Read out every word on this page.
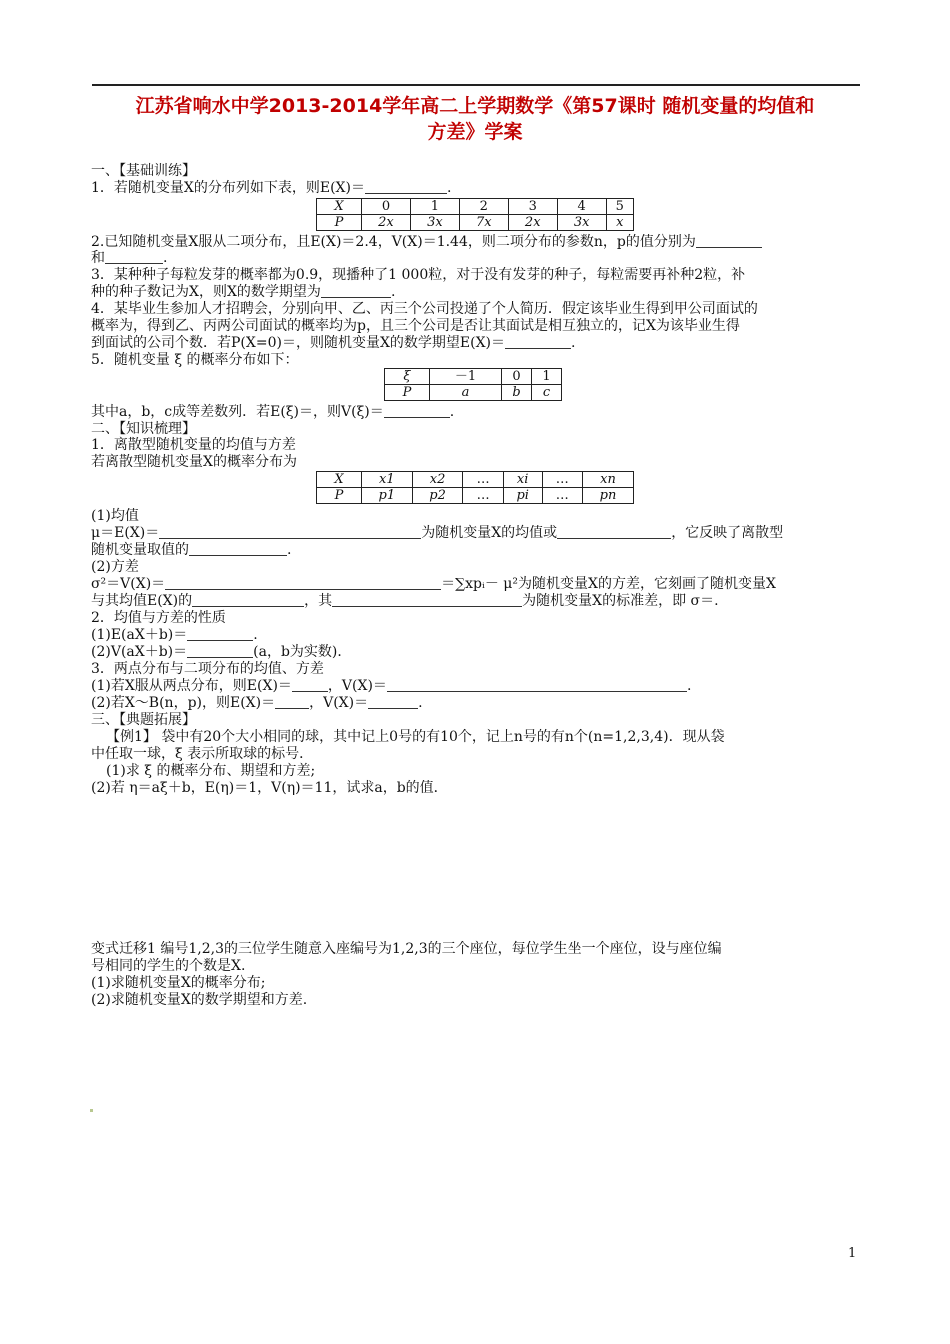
江苏省响水中学2013-2014学年高二上学期数学《第57课时 随机变量的均值和
方差》学案
一、【基础训练】
1．若随机变量X的分布列如下表，则E(X)＝	.
X	0	1	2	3	4	5
P	2x	3x	7x	2x	3x	x
2.已知随机变量X服从二项分布，且E(X)＝2.4，V(X)＝1.44，则二项分布的参数n，p的值分别为
和	.
3．某种种子每粒发芽的概率都为0.9，现播种了1 000粒，对于没有发芽的种子，每粒需要再补种2粒，补
种的种子数记为X，则X的数学期望为	.
4．某毕业生参加人才招聘会，分别向甲、乙、丙三个公司投递了个人简历．假定该毕业生得到甲公司面试的
概率为，得到乙、丙两公司面试的概率均为p，且三个公司是否让其面试是相互独立的，记X为该毕业生得
到面试的公司个数．若P(X=0)＝，则随机变量X的数学期望E(X)＝	.
5．随机变量 ξ 的概率分布如下：
ξ	－1	0	1
P	a	b	c
其中a，b，c成等差数列．若E(ξ)＝，则V(ξ)＝	.
二、【知识梳理】
1．离散型随机变量的均值与方差
若离散型随机变量X的概率分布为
X	x1	x2	…	xi	…	xn
P	p1	p2	…	pi	…	pn
(1)均值
μ＝E(X)＝	为随机变量X的均值或	，它反映了离散型
随机变量取值的	.
(2)方差
σ²＝V(X)＝	＝∑xpᵢ－ μ²为随机变量X的方差，它刻画了随机变量X
与其均值E(X)的	，其	为随机变量X的标准差，即 σ＝.
2．均值与方差的性质
(1)E(aX＋b)＝	.
(2)V(aX＋b)＝	(a，b为实数)．
3．两点分布与二项分布的均值、方差
(1)若X服从两点分布，则E(X)＝	，V(X)＝	.
(2)若X～B(n，p)，则E(X)＝ ，V(X)＝	.
三、【典题拓展】
【例1】 袋中有20个大小相同的球，其中记上0号的有10个，记上n号的有n个(n=1,2,3,4)．现从袋
中任取一球，ξ 表示所取球的标号．
(1)求 ξ 的概率分布、期望和方差;
(2)若 η＝aξ＋b，E(η)＝1，V(η)＝11，试求a，b的值．
变式迁移1 编号1,2,3的三位学生随意入座编号为1,2,3的三个座位，每位学生坐一个座位，设与座位编
号相同的学生的个数是X.
(1)求随机变量X的概率分布;
(2)求随机变量X的数学期望和方差.
1
